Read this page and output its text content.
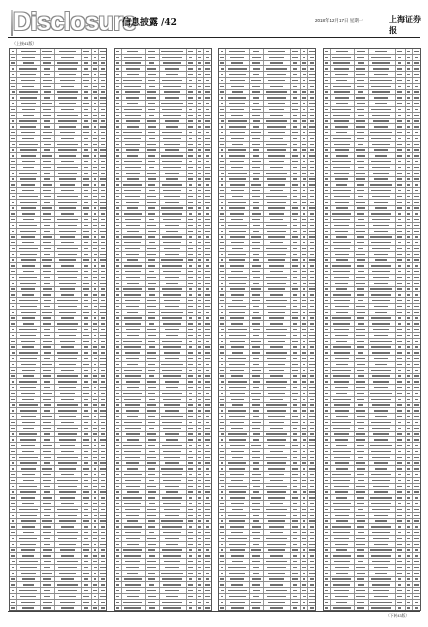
Disclosure
信息披露 /42	2018年12月17日 星期一	上海证券报
（上接41版）
（下转43版）
